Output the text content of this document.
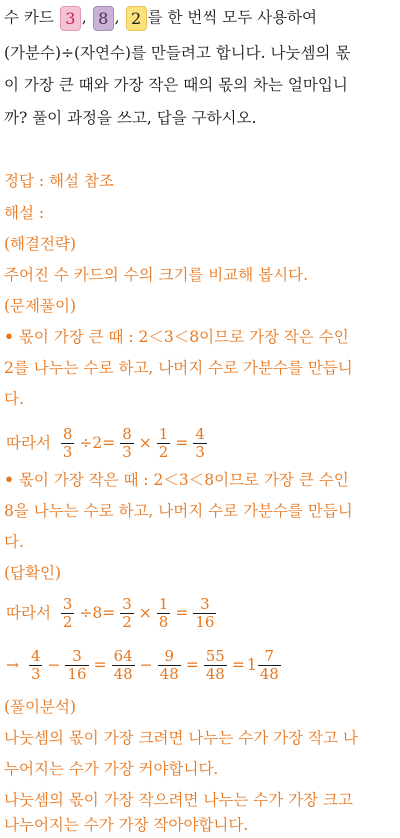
수 카드 3 , 8 , 2 를 한 번씩 모두 사용하여
(가분수)÷(자연수)를 만들려고 합니다. 나눗셈의 몫
이 가장 큰 때와 가장 작은 때의 몫의 차는 얼마입니
까? 풀이 과정을 쓰고, 답을 구하시오.
정답 : 해설 참조
해설 :
(해결전략)
주어진 수 카드의 수의 크기를 비교해 봅시다.
(문제풀이)
• 몫이 가장 큰 때 : 2＜3＜8이므로 가장 작은 수인
2를 나누는 수로 하고, 나머지 수로 가분수를 만듭니
다.
따라서 $\frac{8}{3} \div 2= \frac{8}{3} \times \frac{1}{2} = \frac{4}{3}$
• 몫이 가장 작은 때 : 2＜3＜8이므로 가장 큰 수인
8을 나누는 수로 하고, 나머지 수로 가분수를 만듭니
다.
(답확인)
따라서 $\frac{3}{2} \div 8= \frac{3}{2} \times \frac{1}{8} = \frac{3}{16}$
→ $\frac{4}{3} - \frac{3}{16} = \frac{64}{48} - \frac{9}{48} = \frac{55}{48} = 1 \frac{7}{48}$
(풀이분석)
나눗셈의 몫이 가장 크려면 나누는 수가 가장 작고 나
누어지는 수가 가장 커야합니다.
나눗셈의 몫이 가장 작으려면 나누는 수가 가장 크고
나누어지는 수가 가장 작아야합니다.
